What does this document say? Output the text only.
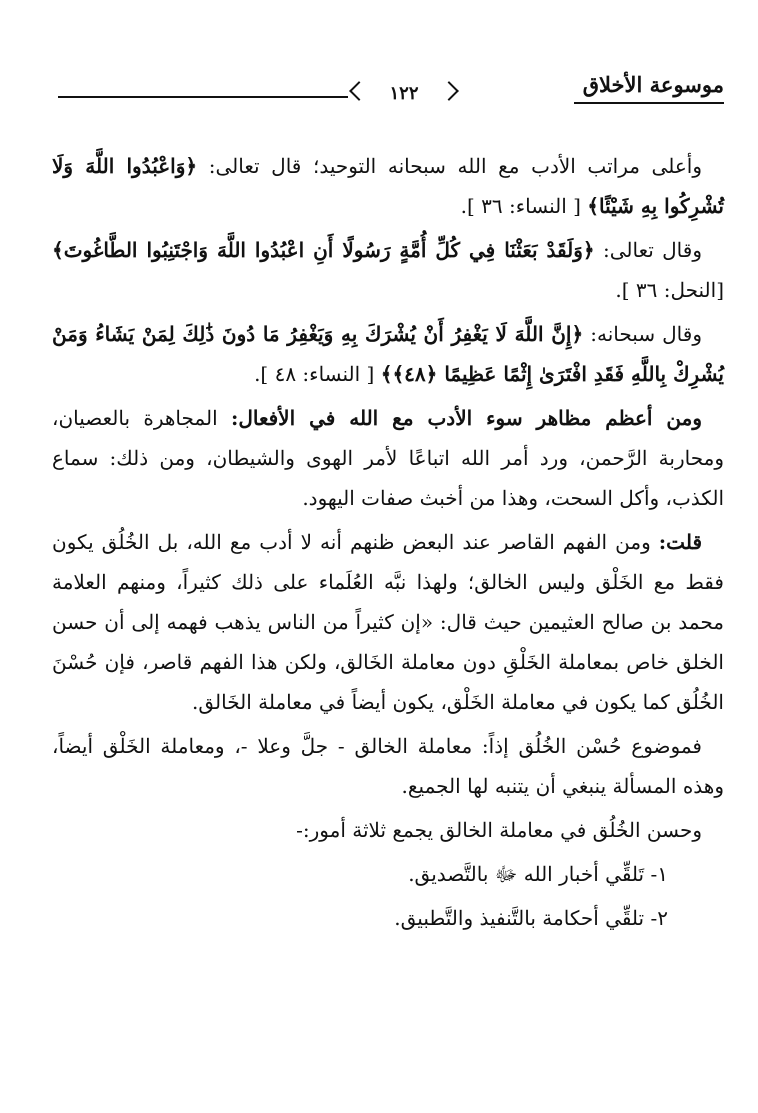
موسوعة الأخلاق
١٢٢

وأعلى مراتب الأدب مع الله سبحانه التوحيد؛ قال تعالى: ﴿وَاعْبُدُوا اللَّهَ وَلَا تُشْرِكُوا بِهِ شَيْئًا﴾ [ النساء: ٣٦ ].

وقال تعالى: ﴿وَلَقَدْ بَعَثْنَا فِي كُلِّ أُمَّةٍ رَسُولًا أَنِ اعْبُدُوا اللَّهَ وَاجْتَنِبُوا الطَّاغُوتَ﴾ [النحل: ٣٦ ].

وقال سبحانه: ﴿إِنَّ اللَّهَ لَا يَغْفِرُ أَنْ يُشْرَكَ بِهِ وَيَغْفِرُ مَا دُونَ ذَٰلِكَ لِمَنْ يَشَاءُ وَمَنْ يُشْرِكْ بِاللَّهِ فَقَدِ افْتَرَىٰ إِثْمًا عَظِيمًا ﴿٤٨﴾﴾ [ النساء: ٤٨ ].

ومن أعظم مظاهر سوء الأدب مع الله في الأفعال: المجاهرة بالعصيان، ومحاربة الرَّحمن، ورد أمر الله اتباعًا لأمر الهوى والشيطان، ومن ذلك: سماع الكذب، وأكل السحت، وهذا من أخبث صفات اليهود.

قلت: ومن الفهم القاصر عند البعض ظنهم أنه لا أدب مع الله، بل الخُلُق يكون فقط مع الخَلْق وليس الخالق؛ ولهذا نبَّه العُلَماء على ذلك كثيراً، ومنهم العلامة محمد بن صالح العثيمين حيث قال: «إن كثيراً من الناس يذهب فهمه إلى أن حسن الخلق خاص بمعاملة الخَلْقِ دون معاملة الخَالق، ولكن هذا الفهم قاصر، فإن حُسْنَ الخُلُق كما يكون في معاملة الخَلْق، يكون أيضاً في معاملة الخَالق.

فموضوع حُسْن الخُلُق إذاً: معاملة الخالق - جلَّ وعلا -، ومعاملة الخَلْق أيضاً، وهذه المسألة ينبغي أن يتنبه لها الجميع.

وحسن الخُلُق في معاملة الخالق يجمع ثلاثة أمور:-

١- تَلقِّي أخبار الله ﷻ بالتَّصديق.

٢- تلقِّي أحكامة بالتَّنفيذ والتَّطبيق.
